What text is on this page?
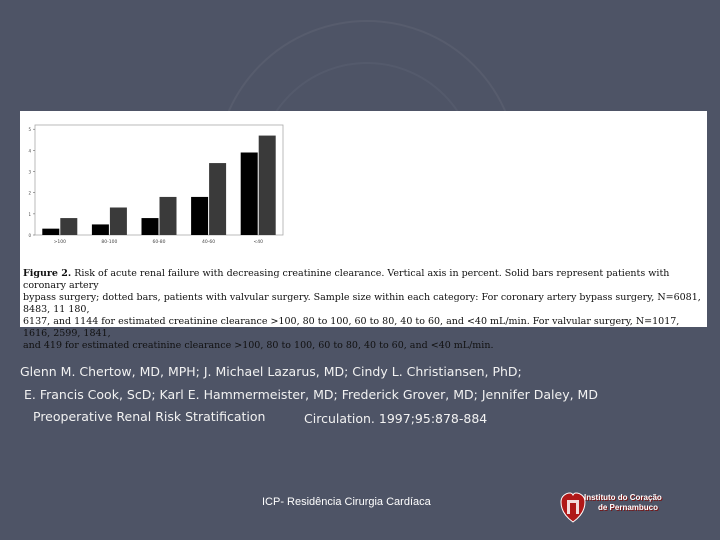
0
1
2
3
4
5
>100	80-100	60-80	40-60	<40
Figure 2. Risk of acute renal failure with decreasing creatinine clearance. Vertical axis in percent. Solid bars represent patients with coronary artery
bypass surgery; dotted bars, patients with valvular surgery. Sample size within each category: For coronary artery bypass surgery, N=6081, 8483, 11 180,
6137, and 1144 for estimated creatinine clearance >100, 80 to 100, 60 to 80, 40 to 60, and <40 mL/min. For valvular surgery, N=1017, 1616, 2599, 1841,
and 419 for estimated creatinine clearance >100, 80 to 100, 60 to 80, 40 to 60, and <40 mL/min.
Glenn M. Chertow, MD, MPH; J. Michael Lazarus, MD; Cindy L. Christiansen, PhD;
E. Francis Cook, ScD; Karl E. Hammermeister, MD; Frederick Grover, MD; Jennifer Daley, MD
Preoperative Renal Risk Stratification	Circulation. 1997;95:878-884
ICP- Residência Cirurgia Cardíaca	Instituto do Coração
de Pernambuco
